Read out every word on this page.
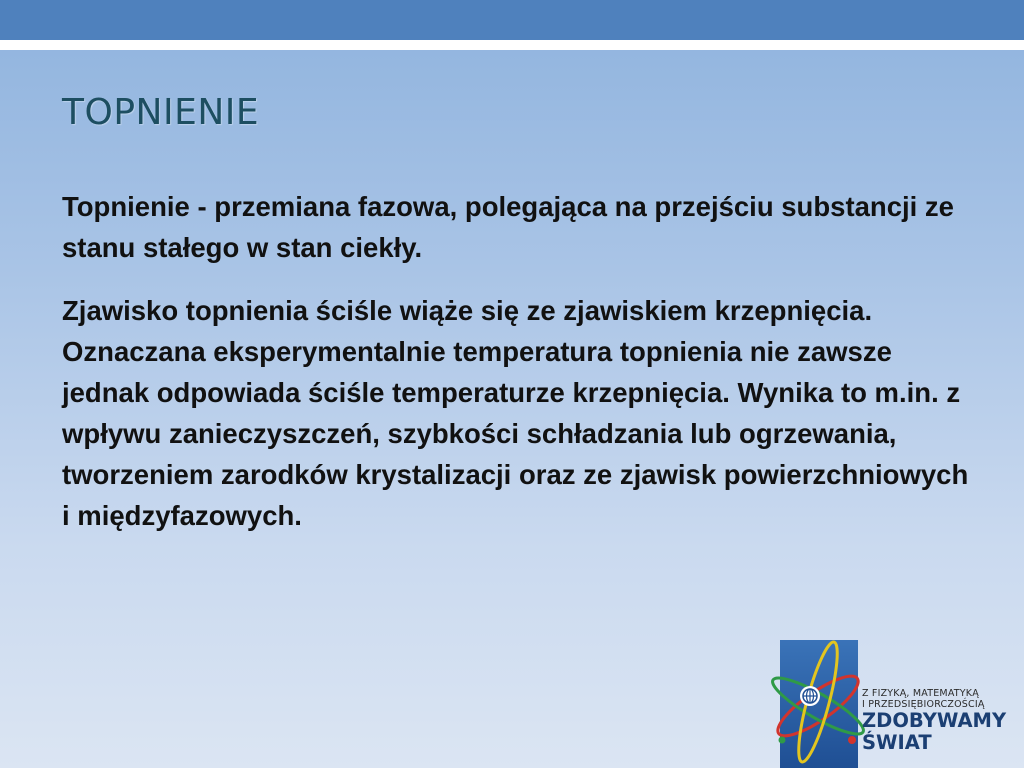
TOPNIENIE

Topnienie - przemiana fazowa, polegająca na przejściu substancji ze stanu stałego w stan ciekły.

Zjawisko topnienia ściśle wiąże się ze zjawiskiem krzepnięcia. Oznaczana eksperymentalnie temperatura topnienia nie zawsze jednak odpowiada ściśle temperaturze krzepnięcia. Wynika to m.in. z wpływu zanieczyszczeń, szybkości schładzania lub ogrzewania, tworzeniem zarodków krystalizacji oraz ze zjawisk powierzchniowych i międzyfazowych.

Z FIZYKĄ, MATEMATYKĄ
I PRZEDSIĘBIORCZOŚCIĄ
ZDOBYWAMY
ŚWIAT
